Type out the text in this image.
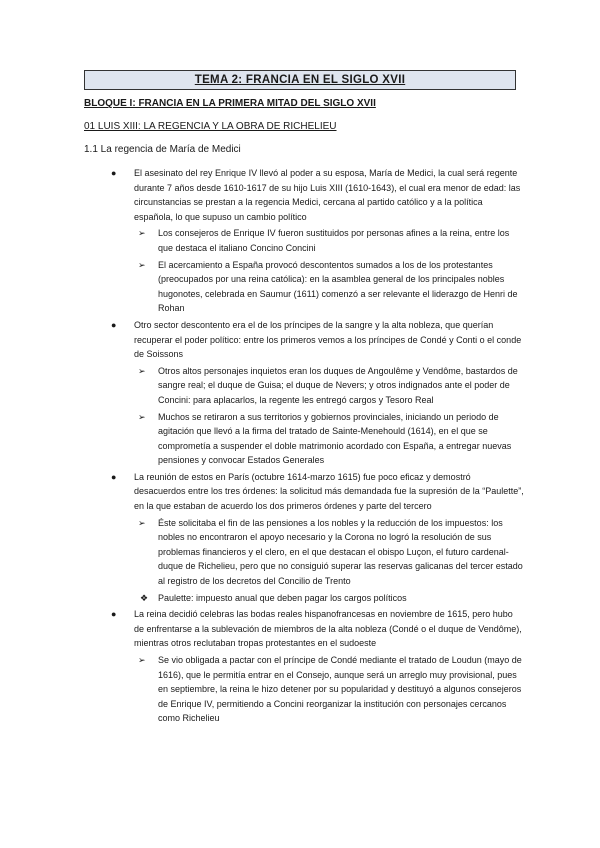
TEMA 2: FRANCIA EN EL SIGLO XVII
BLOQUE I: FRANCIA EN LA PRIMERA MITAD DEL SIGLO XVII
01 LUIS XIII: LA REGENCIA Y LA OBRA DE RICHELIEU
1.1 La regencia de María de Medici
● El asesinato del rey Enrique IV llevó al poder a su esposa, María de Medici, la cual será regente durante 7 años desde 1610-1617 de su hijo Luis XIII (1610-1643), el cual era menor de edad: las circunstancias se prestan a la regencia Medici, cercana al partido católico y a la política española, lo que supuso un cambio político
➢ Los consejeros de Enrique IV fueron sustituidos por personas afines a la reina, entre los que destaca el italiano Concino Concini
➢ El acercamiento a España provocó descontentos sumados a los de los protestantes (preocupados por una reina católica): en la asamblea general de los principales nobles hugonotes, celebrada en Saumur (1611) comenzó a ser relevante el liderazgo de Henri de Rohan
● Otro sector descontento era el de los príncipes de la sangre y la alta nobleza, que querían recuperar el poder político: entre los primeros vemos a los príncipes de Condé y Conti o el conde de Soissons
➢ Otros altos personajes inquietos eran los duques de Angoulême y Vendôme, bastardos de sangre real; el duque de Guisa; el duque de Nevers; y otros indignados ante el poder de Concini: para aplacarlos, la regente les entregó cargos y Tesoro Real
➢ Muchos se retiraron a sus territorios y gobiernos provinciales, iniciando un periodo de agitación que llevó a la firma del tratado de Sainte-Menehould (1614), en el que se comprometía a suspender el doble matrimonio acordado con España, a entregar nuevas pensiones y convocar Estados Generales
● La reunión de estos en París (octubre 1614-marzo 1615) fue poco eficaz y demostró desacuerdos entre los tres órdenes: la solicitud más demandada fue la supresión de la “Paulette”, en la que estaban de acuerdo los dos primeros órdenes y parte del tercero
➢ Éste solicitaba el fin de las pensiones a los nobles y la reducción de los impuestos: los nobles no encontraron el apoyo necesario y la Corona no logró la resolución de sus problemas financieros y el clero, en el que destacan el obispo Luçon, el futuro cardenal-duque de Richelieu, pero que no consiguió superar las reservas galicanas del tercer estado al registro de los decretos del Concilio de Trento
❖ Paulette: impuesto anual que deben pagar los cargos políticos
● La reina decidió celebras las bodas reales hispanofrancesas en noviembre de 1615, pero hubo de enfrentarse a la sublevación de miembros de la alta nobleza (Condé o el duque de Vendôme), mientras otros reclutaban tropas protestantes en el sudoeste
➢ Se vio obligada a pactar con el príncipe de Condé mediante el tratado de Loudun (mayo de 1616), que le permitía entrar en el Consejo, aunque será un arreglo muy provisional, pues en septiembre, la reina le hizo detener por su popularidad y destituyó a algunos consejeros de Enrique IV, permitiendo a Concini reorganizar la institución con personajes cercanos como Richelieu
